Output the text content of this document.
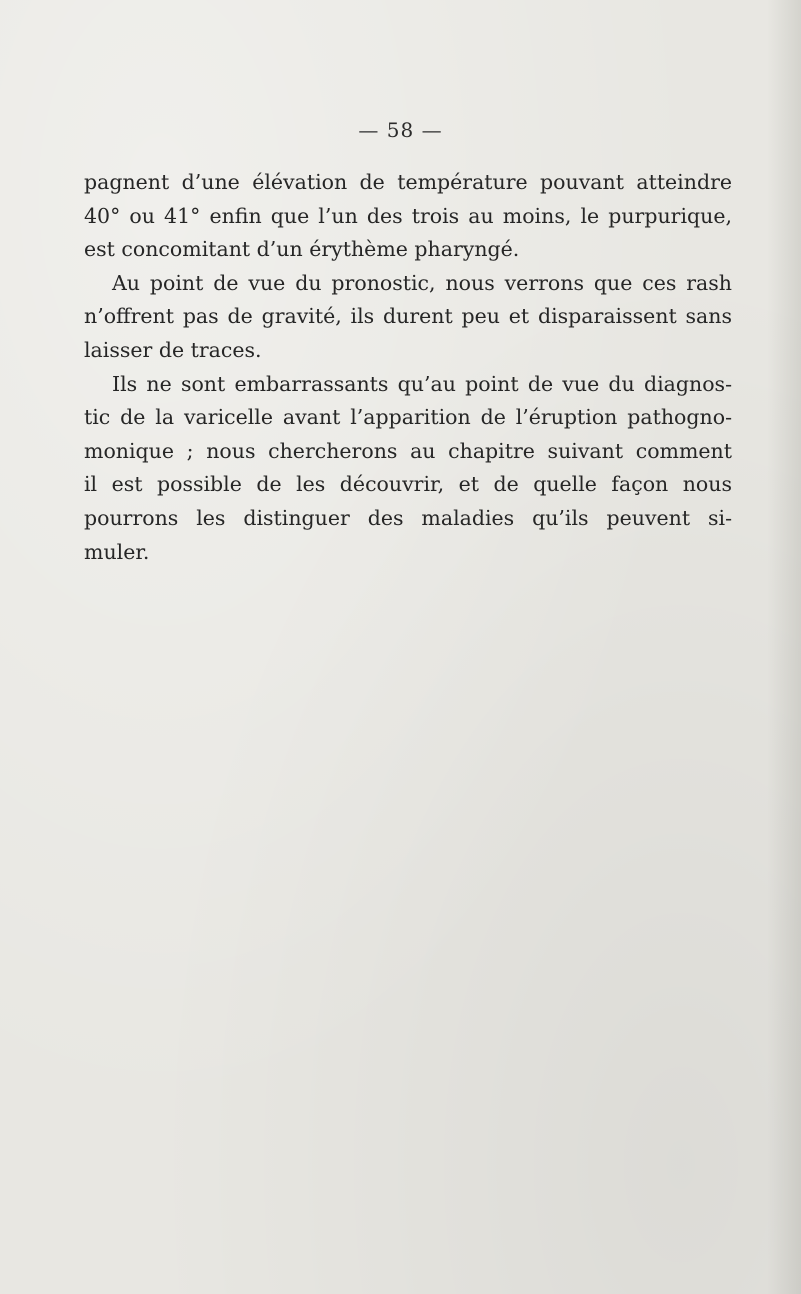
— 58 —
pagnent d’une élévation de température pouvant atteindre
40° ou 41° enfin que l’un des trois au moins, le purpurique,
est concomitant d’un érythème pharyngé.
Au point de vue du pronostic, nous verrons que ces rash
n’offrent pas de gravité, ils durent peu et disparaissent sans
laisser de traces.
Ils ne sont embarrassants qu’au point de vue du diagnos-
tic de la varicelle avant l’apparition de l’éruption pathogno-
monique ; nous chercherons au chapitre suivant comment
il est possible de les découvrir, et de quelle façon nous
pourrons les distinguer des maladies qu’ils peuvent si-
muler.
